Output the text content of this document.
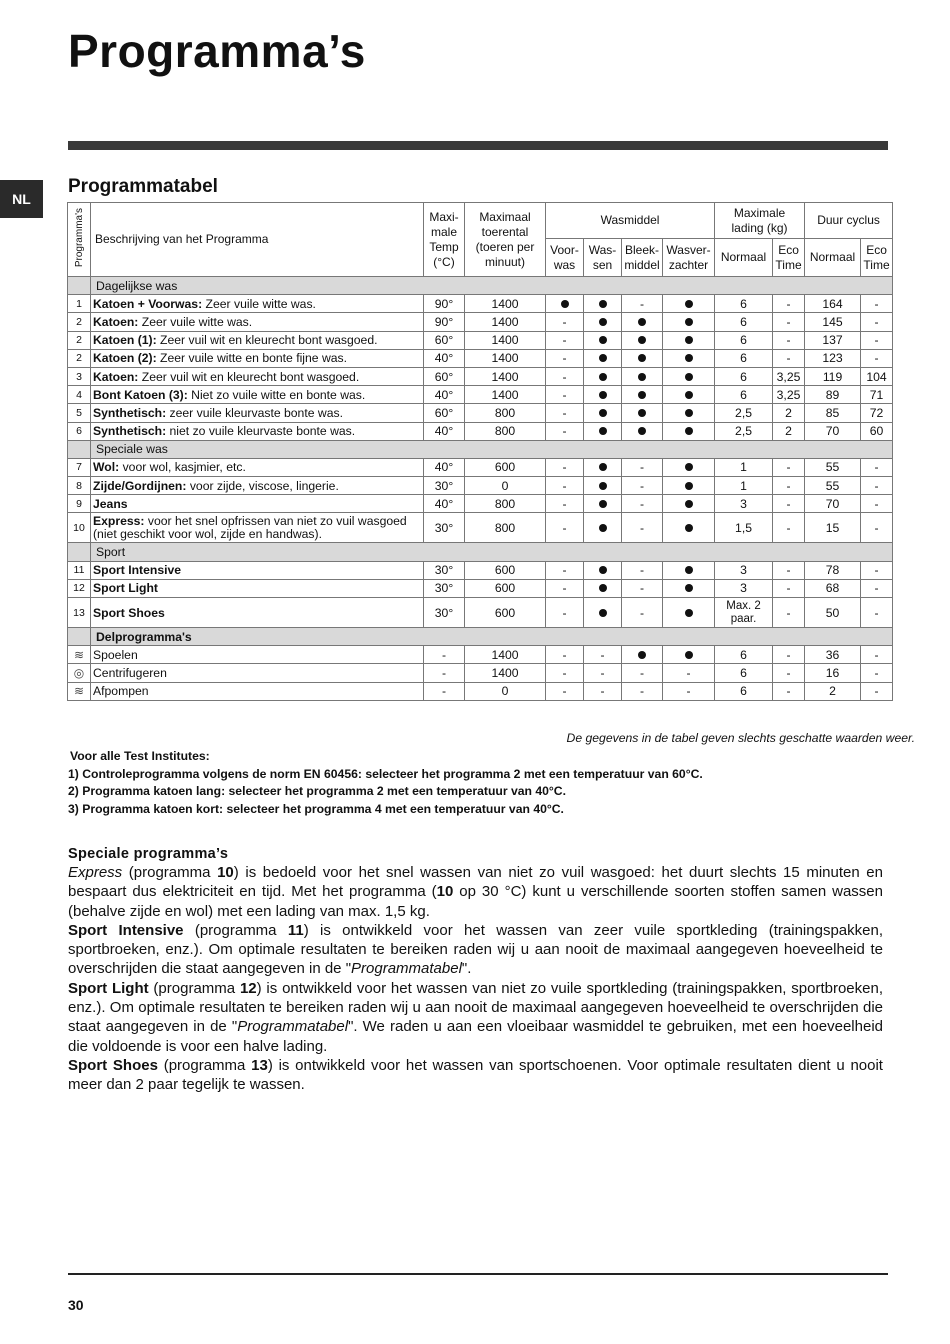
Programma’s
NL
Programmatabel
Programma's	Beschrijving van het Programma	Maxi- male Temp (°C)	Maximaal toerental (toeren per minuut)	Wasmiddel				Maximale lading (kg)		Duur cyclus	
				Voor- was	Was- sen	Bleek- middel	Wasver- zachter	Normaal	Eco Time	Normaal	Eco Time
	Dagelijkse was										
1	Katoen + Voorwas: Zeer vuile witte was.	90°	1400			-		6	-	164	-
2	Katoen: Zeer vuile witte was.	90°	1400	-				6	-	145	-
2	Katoen (1): Zeer vuil wit en kleurecht bont wasgoed.	60°	1400	-				6	-	137	-
2	Katoen (2): Zeer vuile witte en bonte fijne was.	40°	1400	-				6	-	123	-
3	Katoen: Zeer vuil wit en kleurecht bont wasgoed.	60°	1400	-				6	3,25	119	104
4	Bont Katoen (3): Niet zo vuile witte en bonte was.	40°	1400	-				6	3,25	89	71
5	Synthetisch: zeer vuile kleurvaste bonte was.	60°	800	-				2,5	2	85	72
6	Synthetisch: niet zo vuile kleurvaste bonte was.	40°	800	-				2,5	2	70	60
	Speciale was										
7	Wol: voor wol, kasjmier, etc.	40°	600	-		-		1	-	55	-
8	Zijde/Gordijnen: voor zijde, viscose, lingerie.	30°	0	-		-		1	-	55	-
9	Jeans	40°	800	-		-		3	-	70	-
10	Express: voor het snel opfrissen van niet zo vuil wasgoed
(niet geschikt voor wol, zijde en handwas).	30°	800	-		-		1,5	-	15	-
	Sport										
11	Sport Intensive	30°	600	-		-		3	-	78	-
12	Sport Light	30°	600	-		-		3	-	68	-
13	Sport Shoes	30°	600	-		-		Max. 2 paar.	-	50	-
	Delprogramma's										
≋	Spoelen	-	1400	-	-			6	-	36	-
◎	Centrifugeren	-	1400	-	-	-	-	6	-	16	-
≋	Afpompen	-	0	-	-	-	-	6	-	2	-
De gegevens in de tabel geven slechts geschatte waarden weer.
Voor alle Test Institutes:
1) Controleprogramma volgens de norm EN 60456: selecteer het programma 2 met een temperatuur van 60°C.
2) Programma katoen lang: selecteer het programma 2 met een temperatuur van 40°C.
3) Programma katoen kort: selecteer het programma 4 met een temperatuur van 40°C.
Speciale programma’s

Express (programma 10) is bedoeld voor het snel wassen van niet zo vuil wasgoed: het duurt slechts 15 minuten en bespaart dus elektriciteit en tijd. Met het programma (10 op 30 °C) kunt u verschillende soorten stoffen samen wassen (behalve zijde en wol) met een lading van max. 1,5 kg.

Sport Intensive (programma 11) is ontwikkeld voor het wassen van zeer vuile sportkleding (trainingspakken, sportbroeken, enz.). Om optimale resultaten te bereiken raden wij u aan nooit de maximaal aangegeven hoeveelheid te overschrijden die staat aangegeven in de "Programmatabel".

Sport Light (programma 12) is ontwikkeld voor het wassen van niet zo vuile sportkleding (trainingspakken, sportbroeken, enz.). Om optimale resultaten te bereiken raden wij u aan nooit de maximaal aangegeven hoeveelheid te overschrijden die staat aangegeven in de "Programmatabel". We raden u aan een vloeibaar wasmiddel te gebruiken, met een hoeveelheid die voldoende is voor een halve lading.

Sport Shoes (programma 13) is ontwikkeld voor het wassen van sportschoenen. Voor optimale resultaten dient u nooit meer dan 2 paar tegelijk te wassen.

30
